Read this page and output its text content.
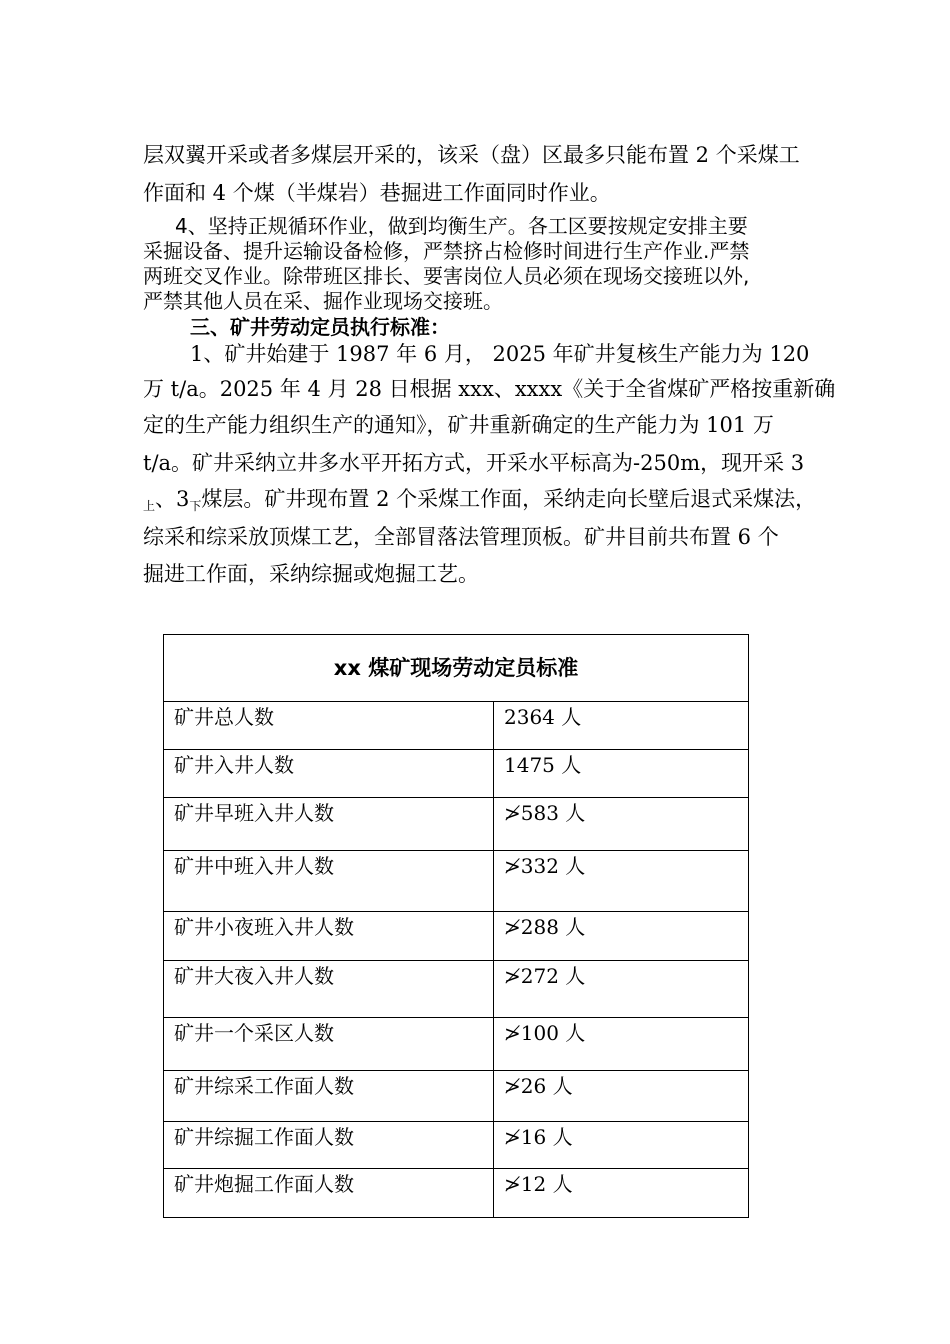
层双翼开采或者多煤层开采的，该采（盘）区最多只能布置 2 个采煤工
作面和 4 个煤（半煤岩）巷掘进工作面同时作业。
4、坚持正规循环作业，做到均衡生产。各工区要按规定安排主要
采掘设备、提升运输设备检修，严禁挤占检修时间进行生产作业.严禁
两班交叉作业。除带班区排长、要害岗位人员必须在现场交接班以外,
严禁其他人员在采、掘作业现场交接班。
三、矿井劳动定员执行标准：
1、矿井始建于 1987 年 6 月， 2025 年矿井复核生产能力为 120
万 t/a。2025 年 4 月 28 日根据 xxx、xxxx《关于全省煤矿严格按重新确
定的生产能力组织生产的通知》，矿井重新确定的生产能力为 101 万
t/a。矿井采纳立井多水平开拓方式，开采水平标高为-250m，现开采 3
$_上$、$3_下$煤层。矿井现布置 2 个采煤工作面，采纳走向长壁后退式采煤法，
综采和综采放顶煤工艺，全部冒落法管理顶板。矿井目前共布置 6 个
掘进工作面，采纳综掘或炮掘工艺。
xx 煤矿现场劳动定员标准	
矿井总人数	2364 人
矿井入井人数	1475 人
矿井早班入井人数	≯583 人
矿井中班入井人数	≯332 人
矿井小夜班入井人数	≯288 人
矿井大夜入井人数	≯272 人
矿井一个采区人数	≯100 人
矿井综采工作面人数	≯26 人
矿井综掘工作面人数	≯16 人
矿井炮掘工作面人数	≯12 人
